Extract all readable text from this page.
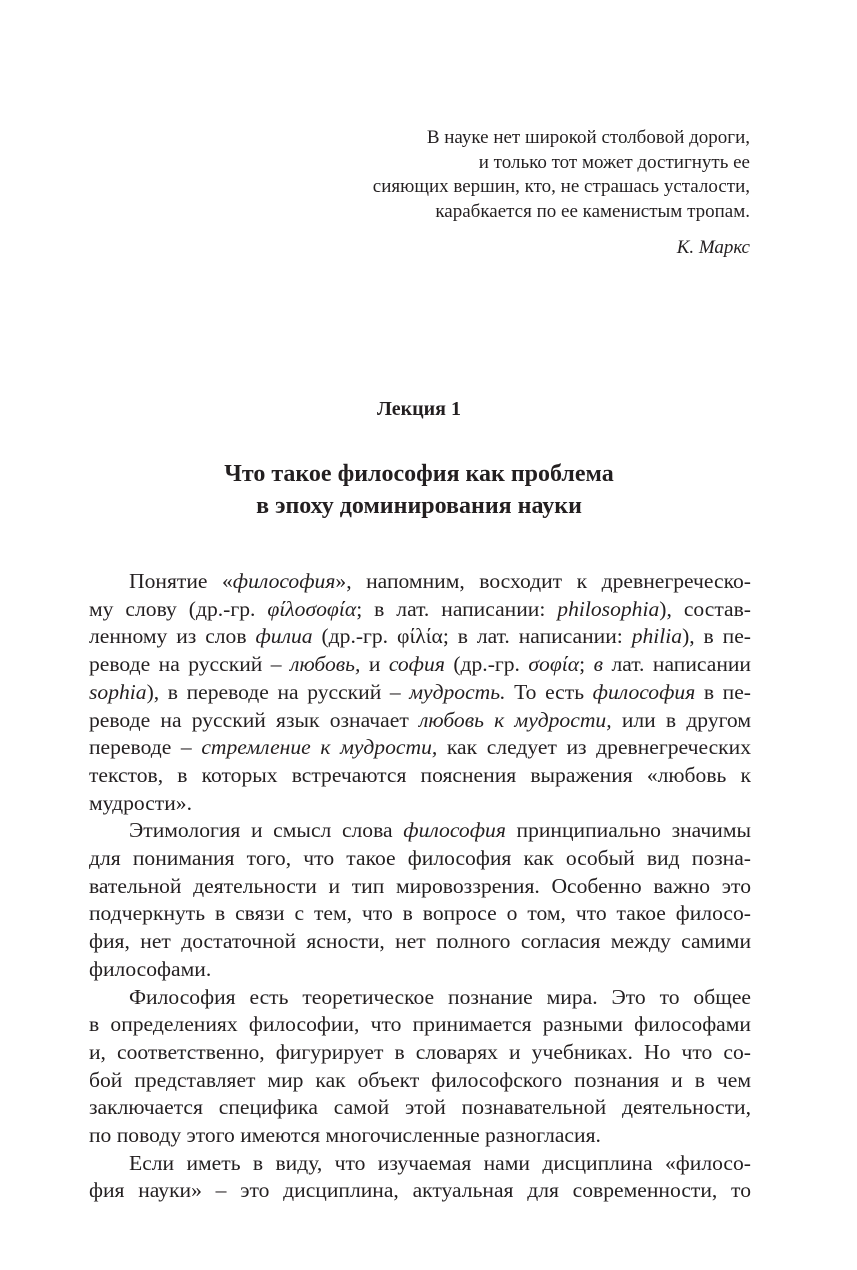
В науке нет широкой столбовой дороги,
и только тот может достигнуть ее
сияющих вершин, кто, не страшась усталости,
карабкается по ее каменистым тропам.
К. Маркс
Лекция 1
Что такое философия как проблема
в эпоху доминирования науки
Понятие «философия», напомним, восходит к древнегреческо-
му слову (др.-гр. φίλοσοφία; в лат. написании: philosophia), состав-
ленному из слов филиа (др.-гр. φίλία; в лат. написании: philia), в пе-
реводе на русский – любовь, и софия (др.-гр. σοφία; в лат. написании
sophia), в переводе на русский – мудрость. То есть философия в пе-
реводе на русский язык означает любовь к мудрости, или в другом
переводе – стремление к мудрости, как следует из древнегреческих
текстов, в которых встречаются пояснения выражения «любовь к
мудрости».
Этимология и смысл слова философия принципиально значимы
для понимания того, что такое философия как особый вид позна-
вательной деятельности и тип мировоззрения. Особенно важно это
подчеркнуть в связи с тем, что в вопросе о том, что такое филосо-
фия, нет достаточной ясности, нет полного согласия между самими
философами.
Философия есть теоретическое познание мира. Это то общее
в определениях философии, что принимается разными философами
и, соответственно, фигурирует в словарях и учебниках. Но что со-
бой представляет мир как объект философского познания и в чем
заключается специфика самой этой познавательной деятельности,
по поводу этого имеются многочисленные разногласия.
Если иметь в виду, что изучаемая нами дисциплина «филосо-
фия науки» – это дисциплина, актуальная для современности, то
